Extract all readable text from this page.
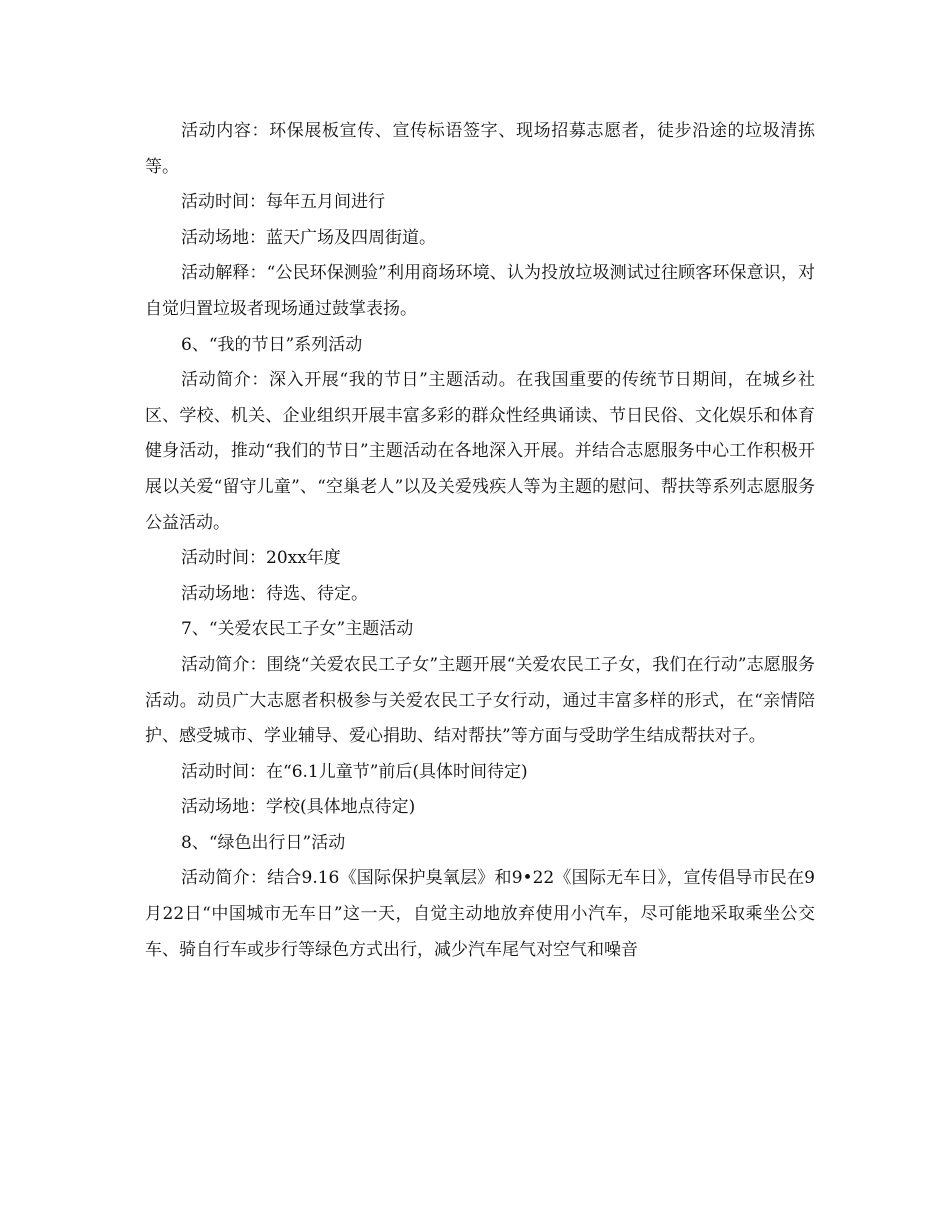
活动内容：环保展板宣传、宣传标语签字、现场招募志愿者，徒步沿途的垃圾清拣等。

活动时间：每年五月间进行

活动场地：蓝天广场及四周街道。

活动解释：“公民环保测验”利用商场环境、认为投放垃圾测试过往顾客环保意识，对自觉归置垃圾者现场通过鼓掌表扬。

6、“我的节日”系列活动

活动简介：深入开展“我的节日”主题活动。在我国重要的传统节日期间，在城乡社区、学校、机关、企业组织开展丰富多彩的群众性经典诵读、节日民俗、文化娱乐和体育健身活动，推动“我们的节日”主题活动在各地深入开展。并结合志愿服务中心工作积极开展以关爱“留守儿童”、“空巢老人”以及关爱残疾人等为主题的慰问、帮扶等系列志愿服务公益活动。

活动时间：20xx年度

活动场地：待选、待定。

7、“关爱农民工子女”主题活动

活动简介：围绕“关爱农民工子女”主题开展“关爱农民工子女，我们在行动”志愿服务活动。动员广大志愿者积极参与关爱农民工子女行动，通过丰富多样的形式，在“亲情陪护、感受城市、学业辅导、爱心捐助、结对帮扶”等方面与受助学生结成帮扶对子。

活动时间：在“6.1儿童节”前后(具体时间待定)

活动场地：学校(具体地点待定)

8、“绿色出行日”活动

活动简介：结合9.16《国际保护臭氧层》和9•22《国际无车日》，宣传倡导市民在9月22日“中国城市无车日”这一天，自觉主动地放弃使用小汽车，尽可能地采取乘坐公交车、骑自行车或步行等绿色方式出行，减少汽车尾气对空气和噪音
